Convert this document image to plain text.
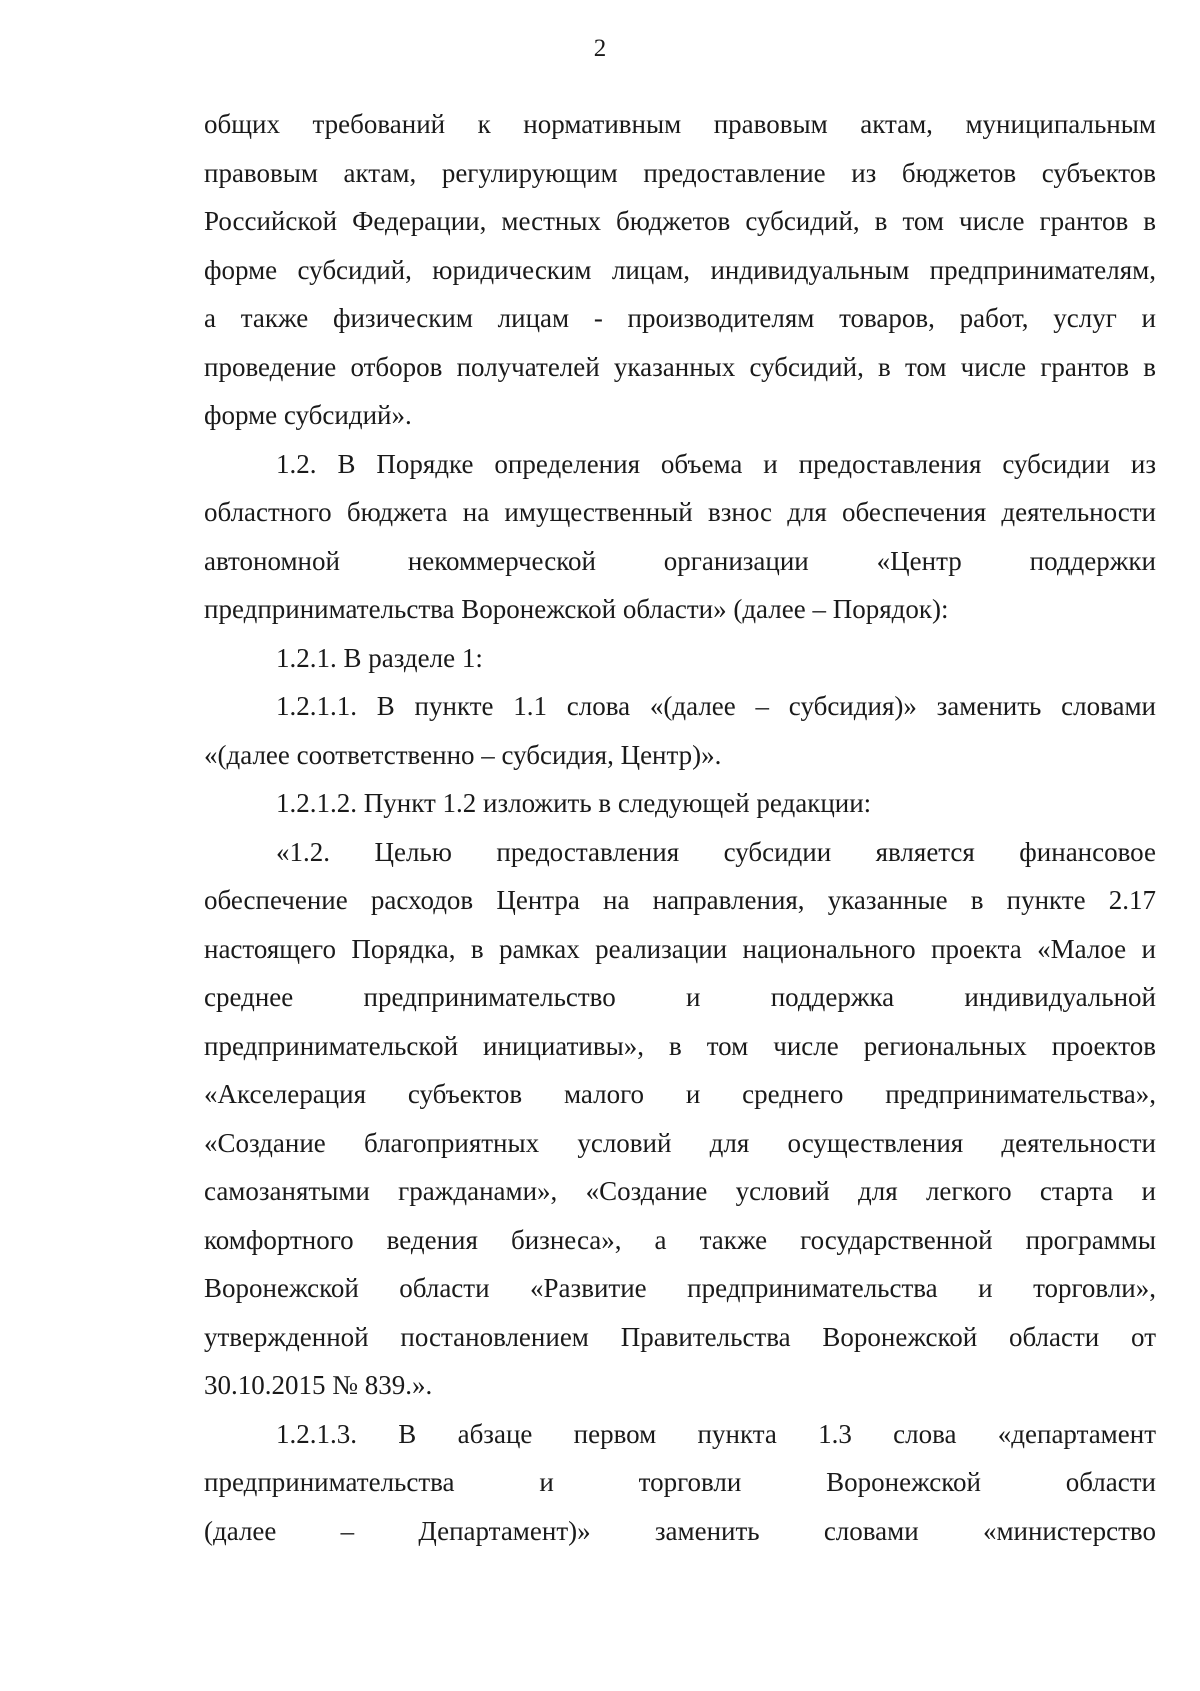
2
общих требований к нормативным правовым актам, муниципальным
правовым актам, регулирующим предоставление из бюджетов субъектов
Российской Федерации, местных бюджетов субсидий, в том числе грантов в
форме субсидий, юридическим лицам, индивидуальным предпринимателям,
а также физическим лицам - производителям товаров, работ, услуг и
проведение отборов получателей указанных субсидий, в том числе грантов в
форме субсидий».
1.2. В Порядке определения объема и предоставления субсидии из
областного бюджета на имущественный взнос для обеспечения деятельности
автономной некоммерческой организации «Центр поддержки
предпринимательства Воронежской области» (далее – Порядок):
1.2.1. В разделе 1:
1.2.1.1. В пункте 1.1 слова «(далее – субсидия)» заменить словами
«(далее соответственно – субсидия, Центр)».
1.2.1.2. Пункт 1.2 изложить в следующей редакции:
«1.2. Целью предоставления субсидии является финансовое
обеспечение расходов Центра на направления, указанные в пункте 2.17
настоящего Порядка, в рамках реализации национального проекта «Малое и
среднее предпринимательство и поддержка индивидуальной
предпринимательской инициативы», в том числе региональных проектов
«Акселерация субъектов малого и среднего предпринимательства»,
«Создание благоприятных условий для осуществления деятельности
самозанятыми гражданами», «Создание условий для легкого старта и
комфортного ведения бизнеса», а также государственной программы
Воронежской области «Развитие предпринимательства и торговли»,
утвержденной постановлением Правительства Воронежской области от
30.10.2015 № 839.».
1.2.1.3. В абзаце первом пункта 1.3 слова «департамент
предпринимательства и торговли Воронежской области
(далее – Департамент)» заменить словами «министерство
